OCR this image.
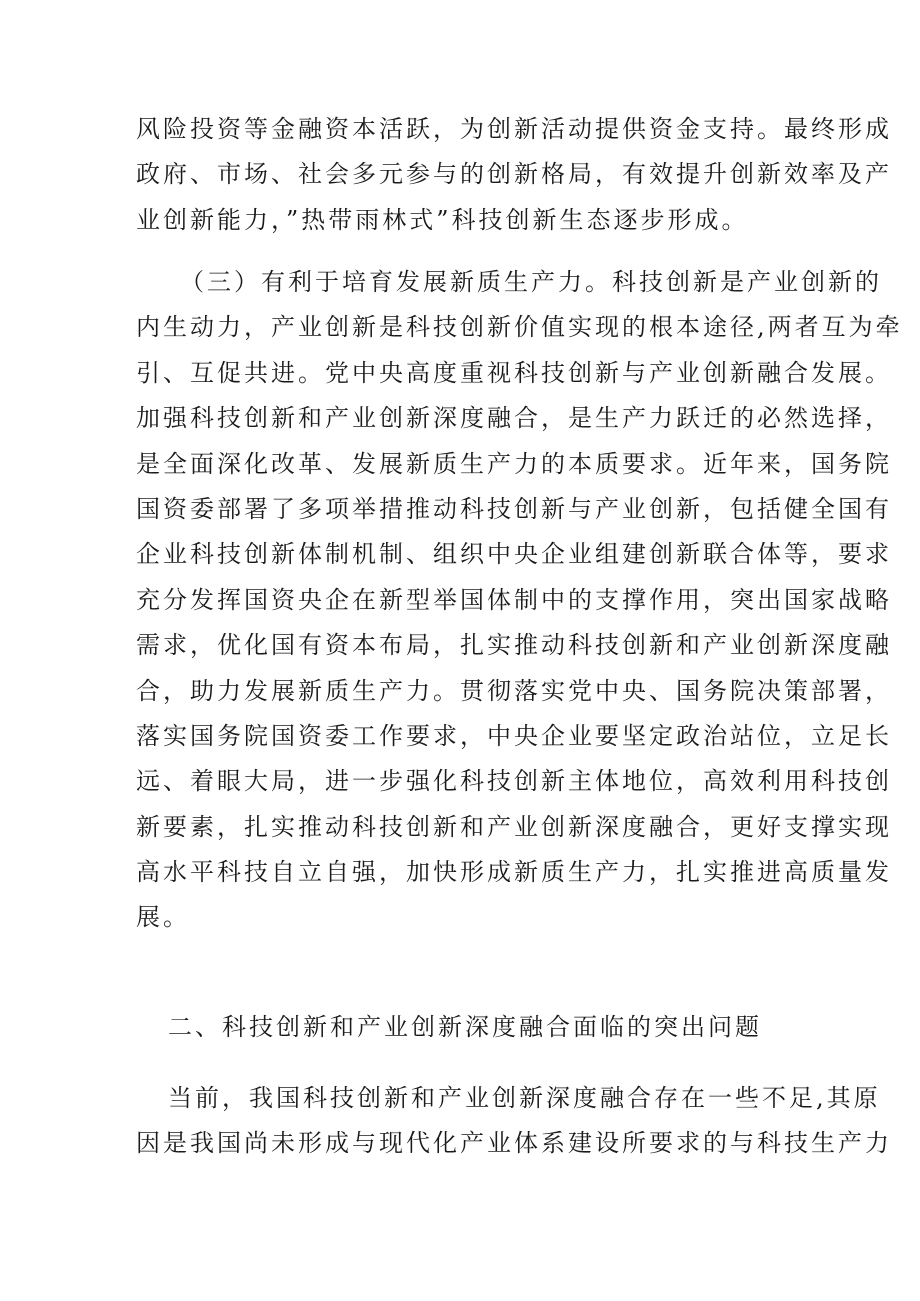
风险投资等金融资本活跃，为创新活动提供资金支持。最终形成
政府、市场、社会多元参与的创新格局，有效提升创新效率及产
业创新能力，”热带雨林式”科技创新生态逐步形成。
（三）有利于培育发展新质生产力。科技创新是产业创新的
内生动力，产业创新是科技创新价值实现的根本途径,两者互为牵
引、互促共进。党中央高度重视科技创新与产业创新融合发展。
加强科技创新和产业创新深度融合，是生产力跃迁的必然选择，
是全面深化改革、发展新质生产力的本质要求。近年来，国务院
国资委部署了多项举措推动科技创新与产业创新，包括健全国有
企业科技创新体制机制、组织中央企业组建创新联合体等，要求
充分发挥国资央企在新型举国体制中的支撑作用，突出国家战略
需求，优化国有资本布局，扎实推动科技创新和产业创新深度融
合，助力发展新质生产力。贯彻落实党中央、国务院决策部署，
落实国务院国资委工作要求，中央企业要坚定政治站位，立足长
远、着眼大局，进一步强化科技创新主体地位，高效利用科技创
新要素，扎实推动科技创新和产业创新深度融合，更好支撑实现
高水平科技自立自强，加快形成新质生产力，扎实推进高质量发
展。
二、科技创新和产业创新深度融合面临的突出问题
当前，我国科技创新和产业创新深度融合存在一些不足,其原
因是我国尚未形成与现代化产业体系建设所要求的与科技生产力
